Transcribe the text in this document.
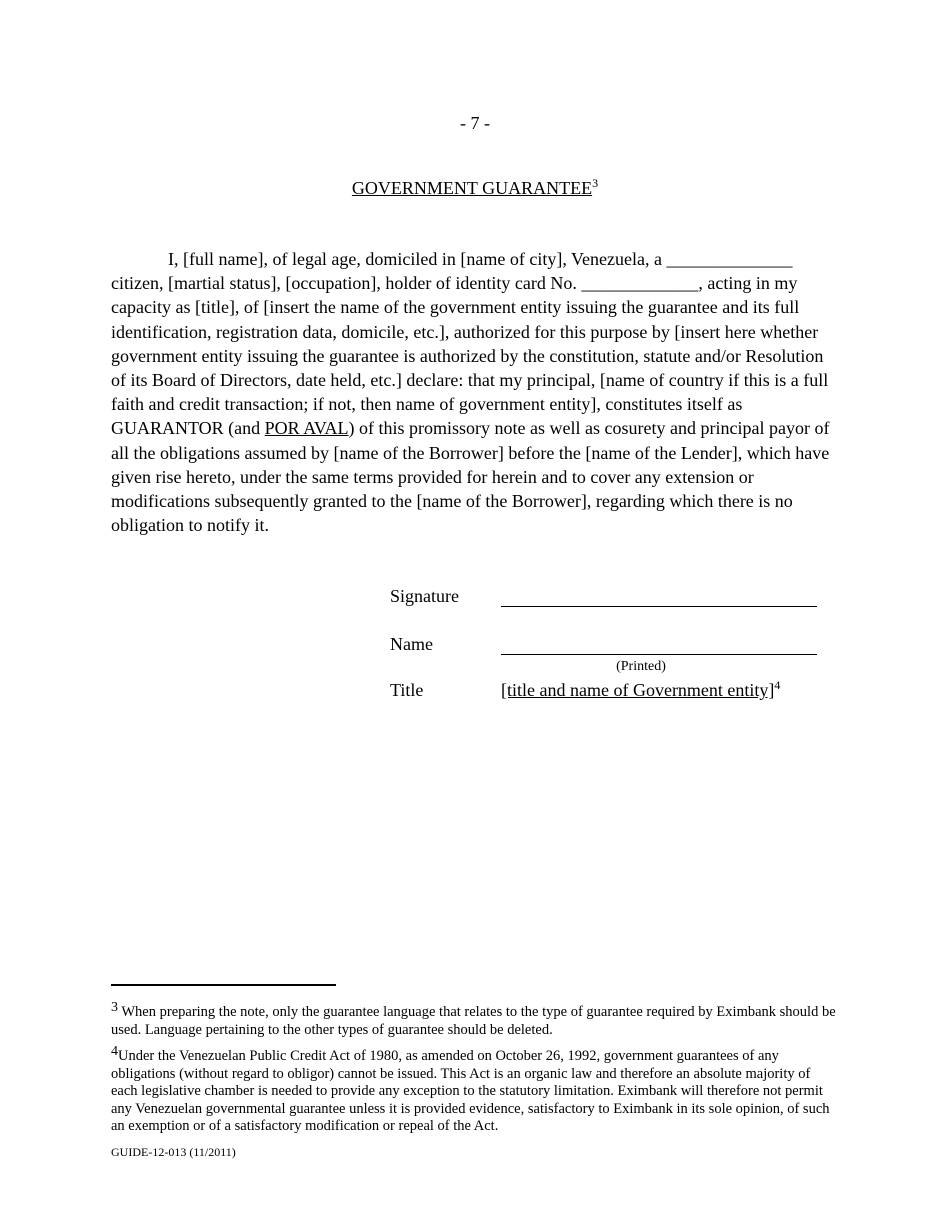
- 7 -
GOVERNMENT GUARANTEE$^3$

I, [full name], of legal age, domiciled in [name of city], Venezuela, a ______________ citizen, [martial status], [occupation], holder of identity card No. _____________, acting in my capacity as [title], of [insert the name of the government entity issuing the guarantee and its full identification, registration data, domicile, etc.], authorized for this purpose by [insert here whether government entity issuing the guarantee is authorized by the constitution, statute and/or Resolution of its Board of Directors, date held, etc.] declare: that my principal, [name of country if this is a full faith and credit transaction; if not, then name of government entity], constitutes itself as GUARANTOR (and POR AVAL) of this promissory note as well as cosurety and principal payor of all the obligations assumed by [name of the Borrower] before the [name of the Lender], which have given rise hereto, under the same terms provided for herein and to cover any extension or modifications subsequently granted to the [name of the Borrower], regarding which there is no obligation to notify it.

Signature
Name
(Printed)
Title	[title and name of Government entity]$^4$
$^3$ When preparing the note, only the guarantee language that relates to the type of guarantee required by Eximbank should be used. Language pertaining to the other types of guarantee should be deleted.
$^4$Under the Venezuelan Public Credit Act of 1980, as amended on October 26, 1992, government guarantees of any obligations (without regard to obligor) cannot be issued. This Act is an organic law and therefore an absolute majority of each legislative chamber is needed to provide any exception to the statutory limitation. Eximbank will therefore not permit any Venezuelan governmental guarantee unless it is provided evidence, satisfactory to Eximbank in its sole opinion, of such an exemption or of a satisfactory modification or repeal of the Act.
GUIDE-12-013 (11/2011)
